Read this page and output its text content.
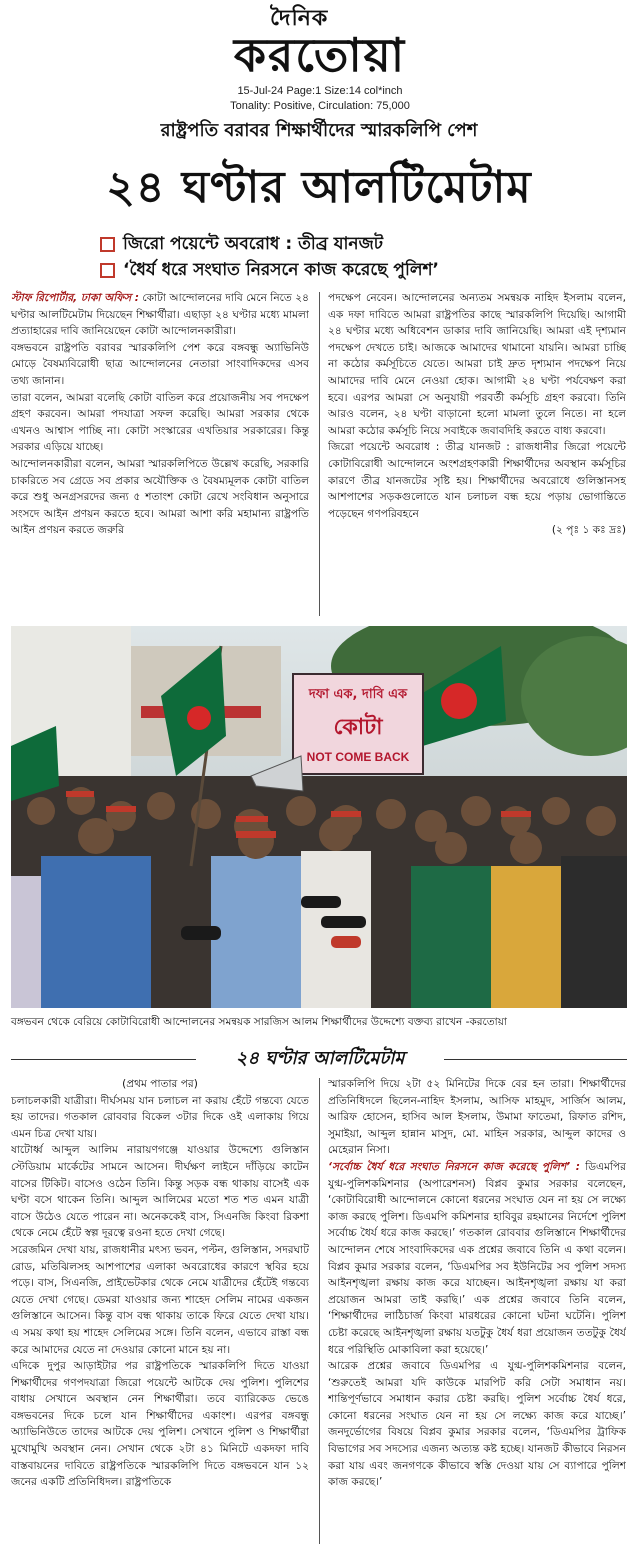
দৈনিক
করতোয়া
15-Jul-24 Page:1 Size:14 col*inch
Tonality: Positive, Circulation: 75,000
রাষ্ট্রপতি বরাবর শিক্ষার্থীদের স্মারকলিপি পেশ
২৪ ঘণ্টার আলটিমেটাম
জিরো পয়েন্টে অবরোধ : তীব্র যানজট
‘ধৈর্য ধরে সংঘাত নিরসনে কাজ করেছে পুলিশ’

স্টাফ রিপোর্টার, ঢাকা অফিস : কোটা আন্দোলনের দাবি মেনে নিতে ২৪ ঘণ্টার আলটিমেটাম দিয়েছেন শিক্ষার্থীরা। এছাড়া ২৪ ঘণ্টার মধ্যে মামলা প্রত্যাহারের দাবি জানিয়েছেন কোটা আন্দোলনকারীরা।

বঙ্গভবনে রাষ্ট্রপতি বরাবর স্মারকলিপি পেশ করে বঙ্গবন্ধু অ্যাভিনিউ মোড়ে বৈষম্যবিরোধী ছাত্র আন্দোলনের নেতারা সাংবাদিকদের এসব তথ্য জানান।

তারা বলেন, আমরা বলেছি কোটা বাতিল করে প্রয়োজনীয় সব পদক্ষেপ গ্রহণ করবেন। আমরা পদযাত্রা সফল করেছি। আমরা সরকার থেকে এখনও আশ্বাস পাচ্ছি না। কোটা সংস্কারের এখতিয়ার সরকারের। কিন্তু সরকার এড়িয়ে যাচ্ছে।

আন্দোলনকারীরা বলেন, আমরা স্মারকলিপিতে উল্লেখ করেছি, সরকারি চাকরিতে সব গ্রেডে সব প্রকার অযৌক্তিক ও বৈষম্যমূলক কোটা বাতিল করে শুধু অনগ্রসরদের জন্য ৫ শতাংশ কোটা রেখে সংবিধান অনুসারে সংসদে আইন প্রণয়ন করতে হবে। আমরা আশা করি মহামান্য রাষ্ট্রপতি আইন প্রণয়ন করতে জরুরি

পদক্ষেপ নেবেন। আন্দোলনের অন্যতম সমন্বয়ক নাহিদ ইসলাম বলেন, এক দফা দাবিতে আমরা রাষ্ট্রপতির কাছে স্মারকলিপি দিয়েছি। আগামী ২৪ ঘণ্টার মধ্যে অধিবেশন ডাকার দাবি জানিয়েছি। আমরা এই দৃশ্যমান পদক্ষেপ দেখতে চাই। আজকে আমাদের থামানো যায়নি। আমরা চাচ্ছি না কঠোর কর্মসূচিতে যেতে। আমরা চাই দ্রুত দৃশ্যমান পদক্ষেপ নিয়ে আমাদের দাবি মেনে নেওয়া হোক। আগামী ২৪ ঘণ্টা পর্যবেক্ষণ করা হবে। এরপর আমরা সে অনুযায়ী পরবর্তী কর্মসূচি গ্রহণ করবো। তিনি আরও বলেন, ২৪ ঘণ্টা বাড়ানো হলো মামলা তুলে নিতে। না হলে আমরা কঠোর কর্মসূচি নিয়ে সবাইকে জবাবদিহি করতে বাধ্য করবো।

জিরো পয়েন্টে অবরোধ : তীব্র যানজট : রাজধানীর জিরো পয়েন্টে কোটাবিরোধী আন্দোলনে অংশগ্রহণকারী শিক্ষার্থীদের অবস্থান কর্মসূচির কারণে তীব্র যানজটের সৃষ্টি হয়। শিক্ষার্থীদের অবরোধে গুলিস্তানসহ আশপাশের সড়কগুলোতে যান চলাচল বন্ধ হয়ে পড়ায় ভোগান্তিতে পড়েছেন গণপরিবহনে

(২ পৃঃ ১ কঃ দ্রঃ)
দফা এক, দাবি এক
কোটা
NOT COME BACK
বঙ্গভবন থেকে বেরিয়ে কোটাবিরোধী আন্দোলনের সমন্বয়ক সারজিস আলম শিক্ষার্থীদের উদ্দেশ্যে বক্তব্য রাখেন -করতোয়া
২৪ ঘণ্টার আলটিমেটাম

(প্রথম পাতার পর)

চলাচলকারী যাত্রীরা। দীর্ঘসময় যান চলাচল না করায় হেঁটে গন্তব্যে যেতে হয় তাদের। গতকাল রোববার বিকেল ৩টার দিকে ওই এলাকায় গিয়ে এমন চিত্র দেখা যায়।

ষাটোর্ধ্ব আব্দুল আলিম নারায়ণগঞ্জে যাওয়ার উদ্দেশ্যে গুলিস্তান স্টেডিয়াম মার্কেটের সামনে আসেন। দীর্ঘক্ষণ লাইনে দাঁড়িয়ে কাটেন বাসের টিকিট। বাসেও ওঠেন তিনি। কিন্তু সড়ক বন্ধ থাকায় বাসেই এক ঘণ্টা বসে থাকেন তিনি। আব্দুল আলিমের মতো শত শত এমন যাত্রী বাসে উঠেও যেতে পারেন না। অনেককেই বাস, সিএনজি কিংবা রিকশা থেকে নেমে হেঁটে স্বল্প দূরত্বে রওনা হতে দেখা গেছে।

সরেজমিন দেখা যায়, রাজধানীর মৎস্য ভবন, পল্টন, গুলিস্তান, সদরঘাট রোড, মতিঝিলসহ আশপাশের এলাকা অবরোধের কারণে স্থবির হয়ে পড়ে। বাস, সিএনজি, প্রাইভেটকার থেকে নেমে যাত্রীদের হেঁটেই গন্তব্যে যেতে দেখা গেছে। ডেমরা যাওয়ার জন্য শাহেদ সেলিম নামের একজন গুলিস্তানে আসেন। কিন্তু বাস বন্ধ থাকায় তাকে ফিরে যেতে দেখা যায়। এ সময় কথা হয় শাহেদ সেলিমের সঙ্গে। তিনি বলেন, এভাবে রাস্তা বন্ধ করে আমাদের যেতে না দেওয়ার কোনো মানে হয় না।

এদিকে দুপুর আড়াইটার পর রাষ্ট্রপতিকে স্মারকলিপি দিতে যাওয়া শিক্ষার্থীদের গণপদযাত্রা জিরো পয়েন্টে আটকে দেয় পুলিশ। পুলিশের বাধায় সেখানে অবস্থান নেন শিক্ষার্থীরা। তবে ব্যারিকেড ভেঙে বঙ্গভবনের দিকে চলে যান শিক্ষার্থীদের একাংশ। এরপর বঙ্গবন্ধু অ্যাভিনিউতে তাদের আটকে দেয় পুলিশ। সেখানে পুলিশ ও শিক্ষার্থীরা মুখোমুখি অবস্থান নেন। সেখান থেকে ২টা ৪১ মিনিটে একদফা দাবি বাস্তবায়নের দাবিতে রাষ্ট্রপতিকে স্মারকলিপি দিতে বঙ্গভবনে যান ১২ জনের একটি প্রতিনিধিদল। রাষ্ট্রপতিকে

স্মারকলিপি দিয়ে ২টা ৫২ মিনিটের দিকে বের হন তারা। শিক্ষার্থীদের প্রতিনিধিদলে ছিলেন-নাহিদ ইসলাম, আসিফ মাহমুদ, সার্জিস আলম, আরিফ হোসেন, হাসিব আল ইসলাম, উমামা ফাতেমা, রিফাত রশিদ, সুমাইয়া, আব্দুল হান্নান মাসুদ, মো. মাহিন সরকার, আব্দুল কাদের ও মেহেরান নিসা।

‘সর্বোচ্চ ধৈর্য ধরে সংঘাত নিরসনে কাজ করেছে পুলিশ’ : ডিএমপির যুগ্ম-পুলিশকমিশনার (অপারেশনস) বিপ্লব কুমার সরকার বলেছেন, ‘কোটাবিরোধী আন্দোলনে কোনো ধরনের সংঘাত যেন না হয় সে লক্ষ্যে কাজ করছে পুলিশ। ডিএমপি কমিশনার হাবিবুর রহমানের নির্দেশে পুলিশ সর্বোচ্চ ধৈর্য ধরে কাজ করছে।’ গতকাল রোববার গুলিস্তানে শিক্ষার্থীদের আন্দোলন শেষে সাংবাদিকদের এক প্রশ্নের জবাবে তিনি এ কথা বলেন। বিপ্লব কুমার সরকার বলেন, ‘ডিএমপির সব ইউনিটের সব পুলিশ সদস্য আইনশৃঙ্খলা রক্ষায় কাজ করে যাচ্ছেন। আইনশৃঙ্খলা রক্ষায় যা করা প্রয়োজন আমরা তাই করছি।’ এক প্রশ্নের জবাবে তিনি বলেন, ‘শিক্ষার্থীদের লাঠিচার্জ কিংবা মারধরের কোনো ঘটনা ঘটেনি। পুলিশ চেষ্টা করেছে আইনশৃঙ্খলা রক্ষায় যতটুকু ধৈর্য ধরা প্রয়োজন ততটুকু ধৈর্য ধরে পরিস্থিতি মোকাবিলা করা হয়েছে।’

আরেক প্রশ্নের জবাবে ডিএমপির এ যুগ্ম-পুলিশকমিশনার বলেন, ‘শুরুতেই আমরা যদি কাউকে মারপিট করি সেটা সমাধান নয়। শান্তিপূর্ণভাবে সমাধান করার চেষ্টা করছি। পুলিশ সর্বোচ্চ ধৈর্য ধরে, কোনো ধরনের সংঘাত যেন না হয় সে লক্ষ্যে কাজ করে যাচ্ছে।’ জনদুর্ভোগের বিষয়ে বিপ্লব কুমার সরকার বলেন, ‘ডিএমপির ট্রাফিক বিভাগের সব সদস্যের এজন্য অত্যন্ত কষ্ট হচ্ছে। যানজট কীভাবে নিরসন করা যায় এবং জনগণকে কীভাবে স্বস্তি দেওয়া যায় সে ব্যাপারে পুলিশ কাজ করছে।’
